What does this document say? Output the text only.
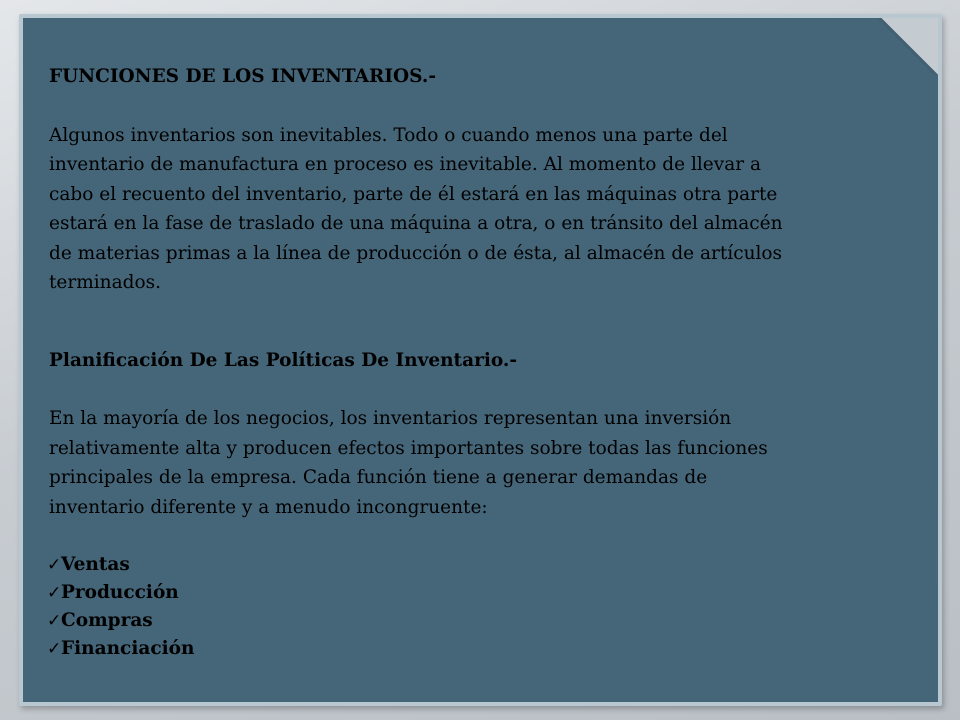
FUNCIONES DE LOS INVENTARIOS.-

Algunos inventarios son inevitables. Todo o cuando menos una parte del
inventario de manufactura en proceso es inevitable. Al momento de llevar a
cabo el recuento del inventario, parte de él estará en las máquinas otra parte
estará en la fase de traslado de una máquina a otra, o en tránsito del almacén
de materias primas a la línea de producción o de ésta, al almacén de artículos
terminados.

Planificación De Las Políticas De Inventario.-

En la mayoría de los negocios, los inventarios representan una inversión
relativamente alta y producen efectos importantes sobre todas las funciones
principales de la empresa. Cada función tiene a generar demandas de
inventario diferente y a menudo incongruente:
✓ Ventas
✓ Producción
✓ Compras
✓ Financiación
